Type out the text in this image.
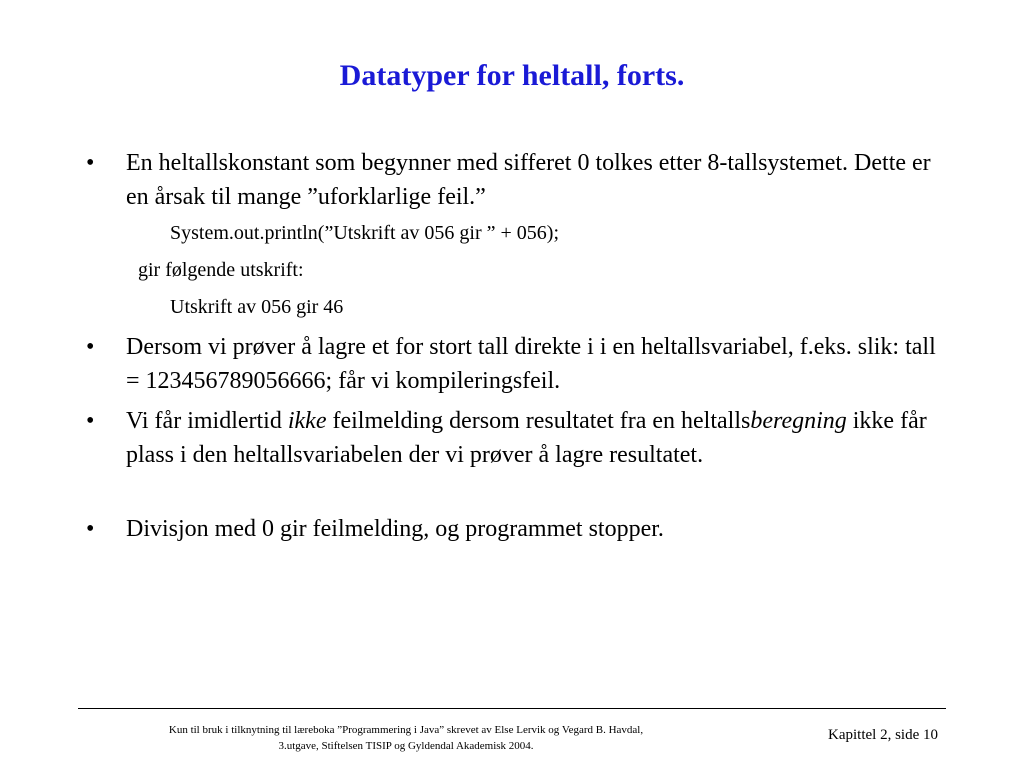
Datatyper for heltall, forts.
•	En heltallskonstant som begynner med sifferet 0 tolkes etter 8-tallsystemet. Dette er en årsak til mange ”uforklarlige feil.”
System.out.println(”Utskrift av 056 gir ” + 056);
gir følgende utskrift:
Utskrift av 056 gir 46
•	Dersom vi prøver å lagre et for stort tall direkte i i en heltallsvariabel, f.eks. slik: tall = 123456789056666; får vi kompileringsfeil.
•	Vi får imidlertid ikke feilmelding dersom resultatet fra en heltallsberegning ikke får plass i den heltallsvariabelen der vi prøver å lagre resultatet.
•	Divisjon med 0 gir feilmelding, og programmet stopper.
Kun til bruk i tilknytning til læreboka ”Programmering i Java” skrevet av Else Lervik og Vegard B. Havdal,
3.utgave, Stiftelsen TISIP og Gyldendal Akademisk 2004.
Kapittel 2, side 10
